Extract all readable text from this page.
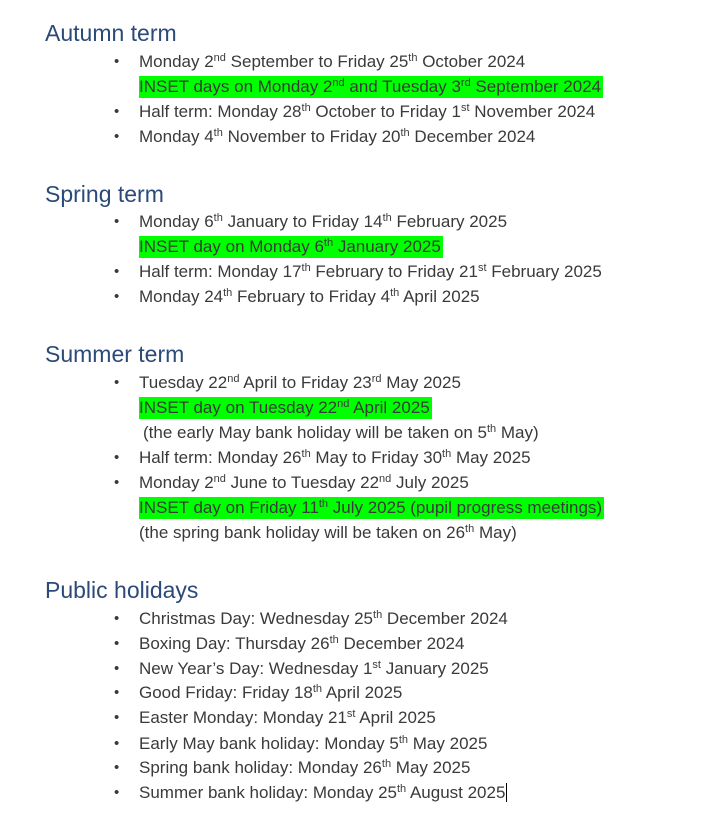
Autumn term
• Monday 2nd September to Friday 25th October 2024
INSET days on Monday 2nd and Tuesday 3rd September 2024
• Half term: Monday 28th October to Friday 1st November 2024
• Monday 4th November to Friday 20th December 2024
Spring term
• Monday 6th January to Friday 14th February 2025
INSET day on Monday 6th January 2025
• Half term: Monday 17th February to Friday 21st February 2025
• Monday 24th February to Friday 4th April 2025
Summer term
• Tuesday 22nd April to Friday 23rd May 2025
INSET day on Tuesday 22nd April 2025
(the early May bank holiday will be taken on 5th May)
• Half term: Monday 26th May to Friday 30th May 2025
• Monday 2nd June to Tuesday 22nd July 2025
INSET day on Friday 11th July 2025 (pupil progress meetings)
(the spring bank holiday will be taken on 26th May)
Public holidays
• Christmas Day: Wednesday 25th December 2024
• Boxing Day: Thursday 26th December 2024
• New Year’s Day: Wednesday 1st January 2025
• Good Friday: Friday 18th April 2025
• Easter Monday: Monday 21st April 2025
• Early May bank holiday: Monday 5th May 2025
• Spring bank holiday: Monday 26th May 2025
• Summer bank holiday: Monday 25th August 2025
